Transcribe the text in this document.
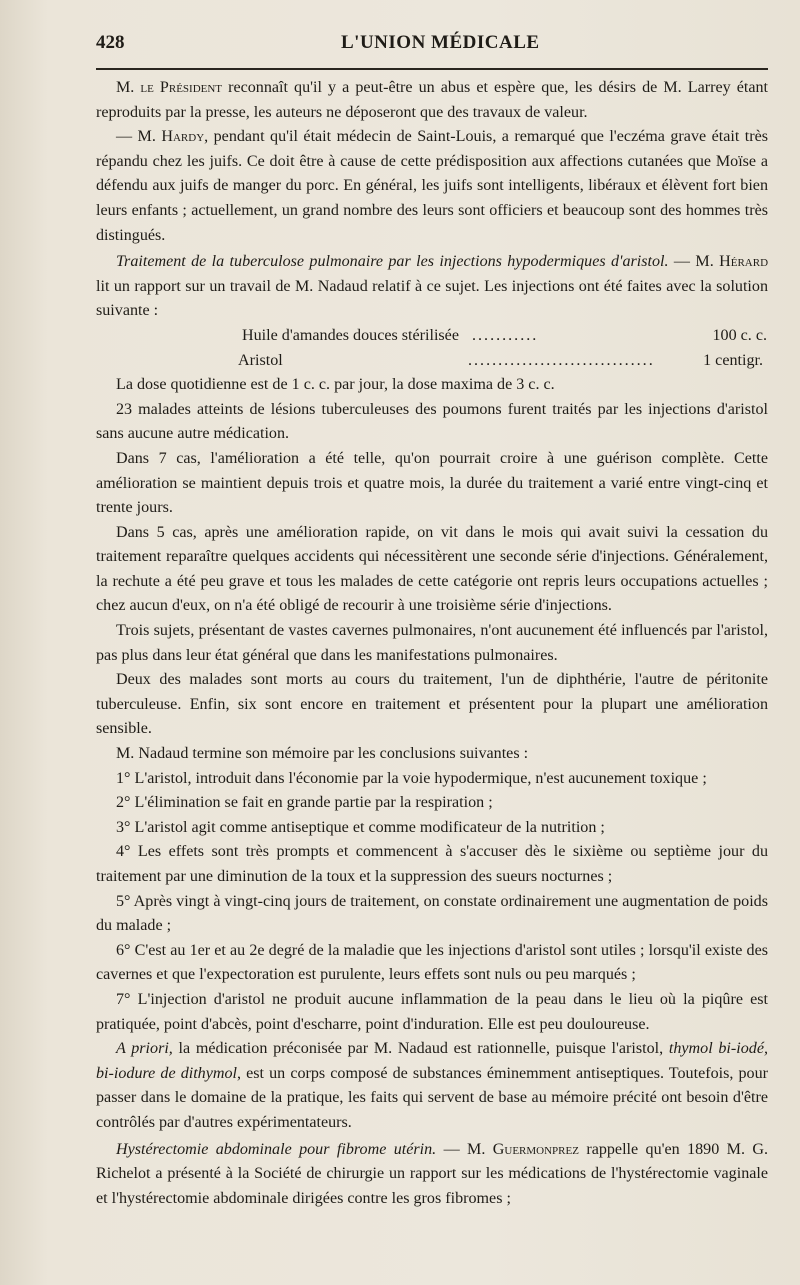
428	L'UNION MÉDICALE

M. le Président reconnaît qu'il y a peut-être un abus et espère que, les désirs de M. Larrey étant reproduits par la presse, les auteurs ne déposeront que des travaux de valeur.

— M. Hardy, pendant qu'il était médecin de Saint-Louis, a remarqué que l'eczéma grave était très répandu chez les juifs. Ce doit être à cause de cette prédisposition aux affections cutanées que Moïse a défendu aux juifs de manger du porc. En général, les juifs sont intelligents, libéraux et élèvent fort bien leurs enfants ; actuellement, un grand nombre des leurs sont officiers et beaucoup sont des hommes très distingués.

Traitement de la tuberculose pulmonaire par les injections hypodermiques d'aristol. — M. Hérard lit un rapport sur un travail de M. Nadaud relatif à ce sujet. Les injections ont été faites avec la solution suivante :

Huile d'amandes douces stérilisée ...........	100 c. c.
Aristol	...............................	1 centigr.

La dose quotidienne est de 1 c. c. par jour, la dose maxima de 3 c. c.

23 malades atteints de lésions tuberculeuses des poumons furent traités par les injections d'aristol sans aucune autre médication.

Dans 7 cas, l'amélioration a été telle, qu'on pourrait croire à une guérison complète. Cette amélioration se maintient depuis trois et quatre mois, la durée du traitement a varié entre vingt-cinq et trente jours.

Dans 5 cas, après une amélioration rapide, on vit dans le mois qui avait suivi la cessation du traitement reparaître quelques accidents qui nécessitèrent une seconde série d'injections. Généralement, la rechute a été peu grave et tous les malades de cette catégorie ont repris leurs occupations actuelles ; chez aucun d'eux, on n'a été obligé de recourir à une troisième série d'injections.

Trois sujets, présentant de vastes cavernes pulmonaires, n'ont aucunement été influencés par l'aristol, pas plus dans leur état général que dans les manifestations pulmonaires.

Deux des malades sont morts au cours du traitement, l'un de diphthérie, l'autre de péritonite tuberculeuse. Enfin, six sont encore en traitement et présentent pour la plupart une amélioration sensible.

M. Nadaud termine son mémoire par les conclusions suivantes :

1° L'aristol, introduit dans l'économie par la voie hypodermique, n'est aucunement toxique ;

2° L'élimination se fait en grande partie par la respiration ;

3° L'aristol agit comme antiseptique et comme modificateur de la nutrition ;

4° Les effets sont très prompts et commencent à s'accuser dès le sixième ou septième jour du traitement par une diminution de la toux et la suppression des sueurs nocturnes ;

5° Après vingt à vingt-cinq jours de traitement, on constate ordinairement une augmentation de poids du malade ;

6° C'est au 1er et au 2e degré de la maladie que les injections d'aristol sont utiles ; lorsqu'il existe des cavernes et que l'expectoration est purulente, leurs effets sont nuls ou peu marqués ;

7° L'injection d'aristol ne produit aucune inflammation de la peau dans le lieu où la piqûre est pratiquée, point d'abcès, point d'escharre, point d'induration. Elle est peu douloureuse.

A priori, la médication préconisée par M. Nadaud est rationnelle, puisque l'aristol, thymol bi-iodé, bi-iodure de dithymol, est un corps composé de substances éminemment antiseptiques. Toutefois, pour passer dans le domaine de la pratique, les faits qui servent de base au mémoire précité ont besoin d'être contrôlés par d'autres expérimentateurs.

Hystérectomie abdominale pour fibrome utérin. — M. Guermonprez rappelle qu'en 1890 M. G. Richelot a présenté à la Société de chirurgie un rapport sur les médications de l'hystérectomie vaginale et l'hystérectomie abdominale dirigées contre les gros fibromes ;
